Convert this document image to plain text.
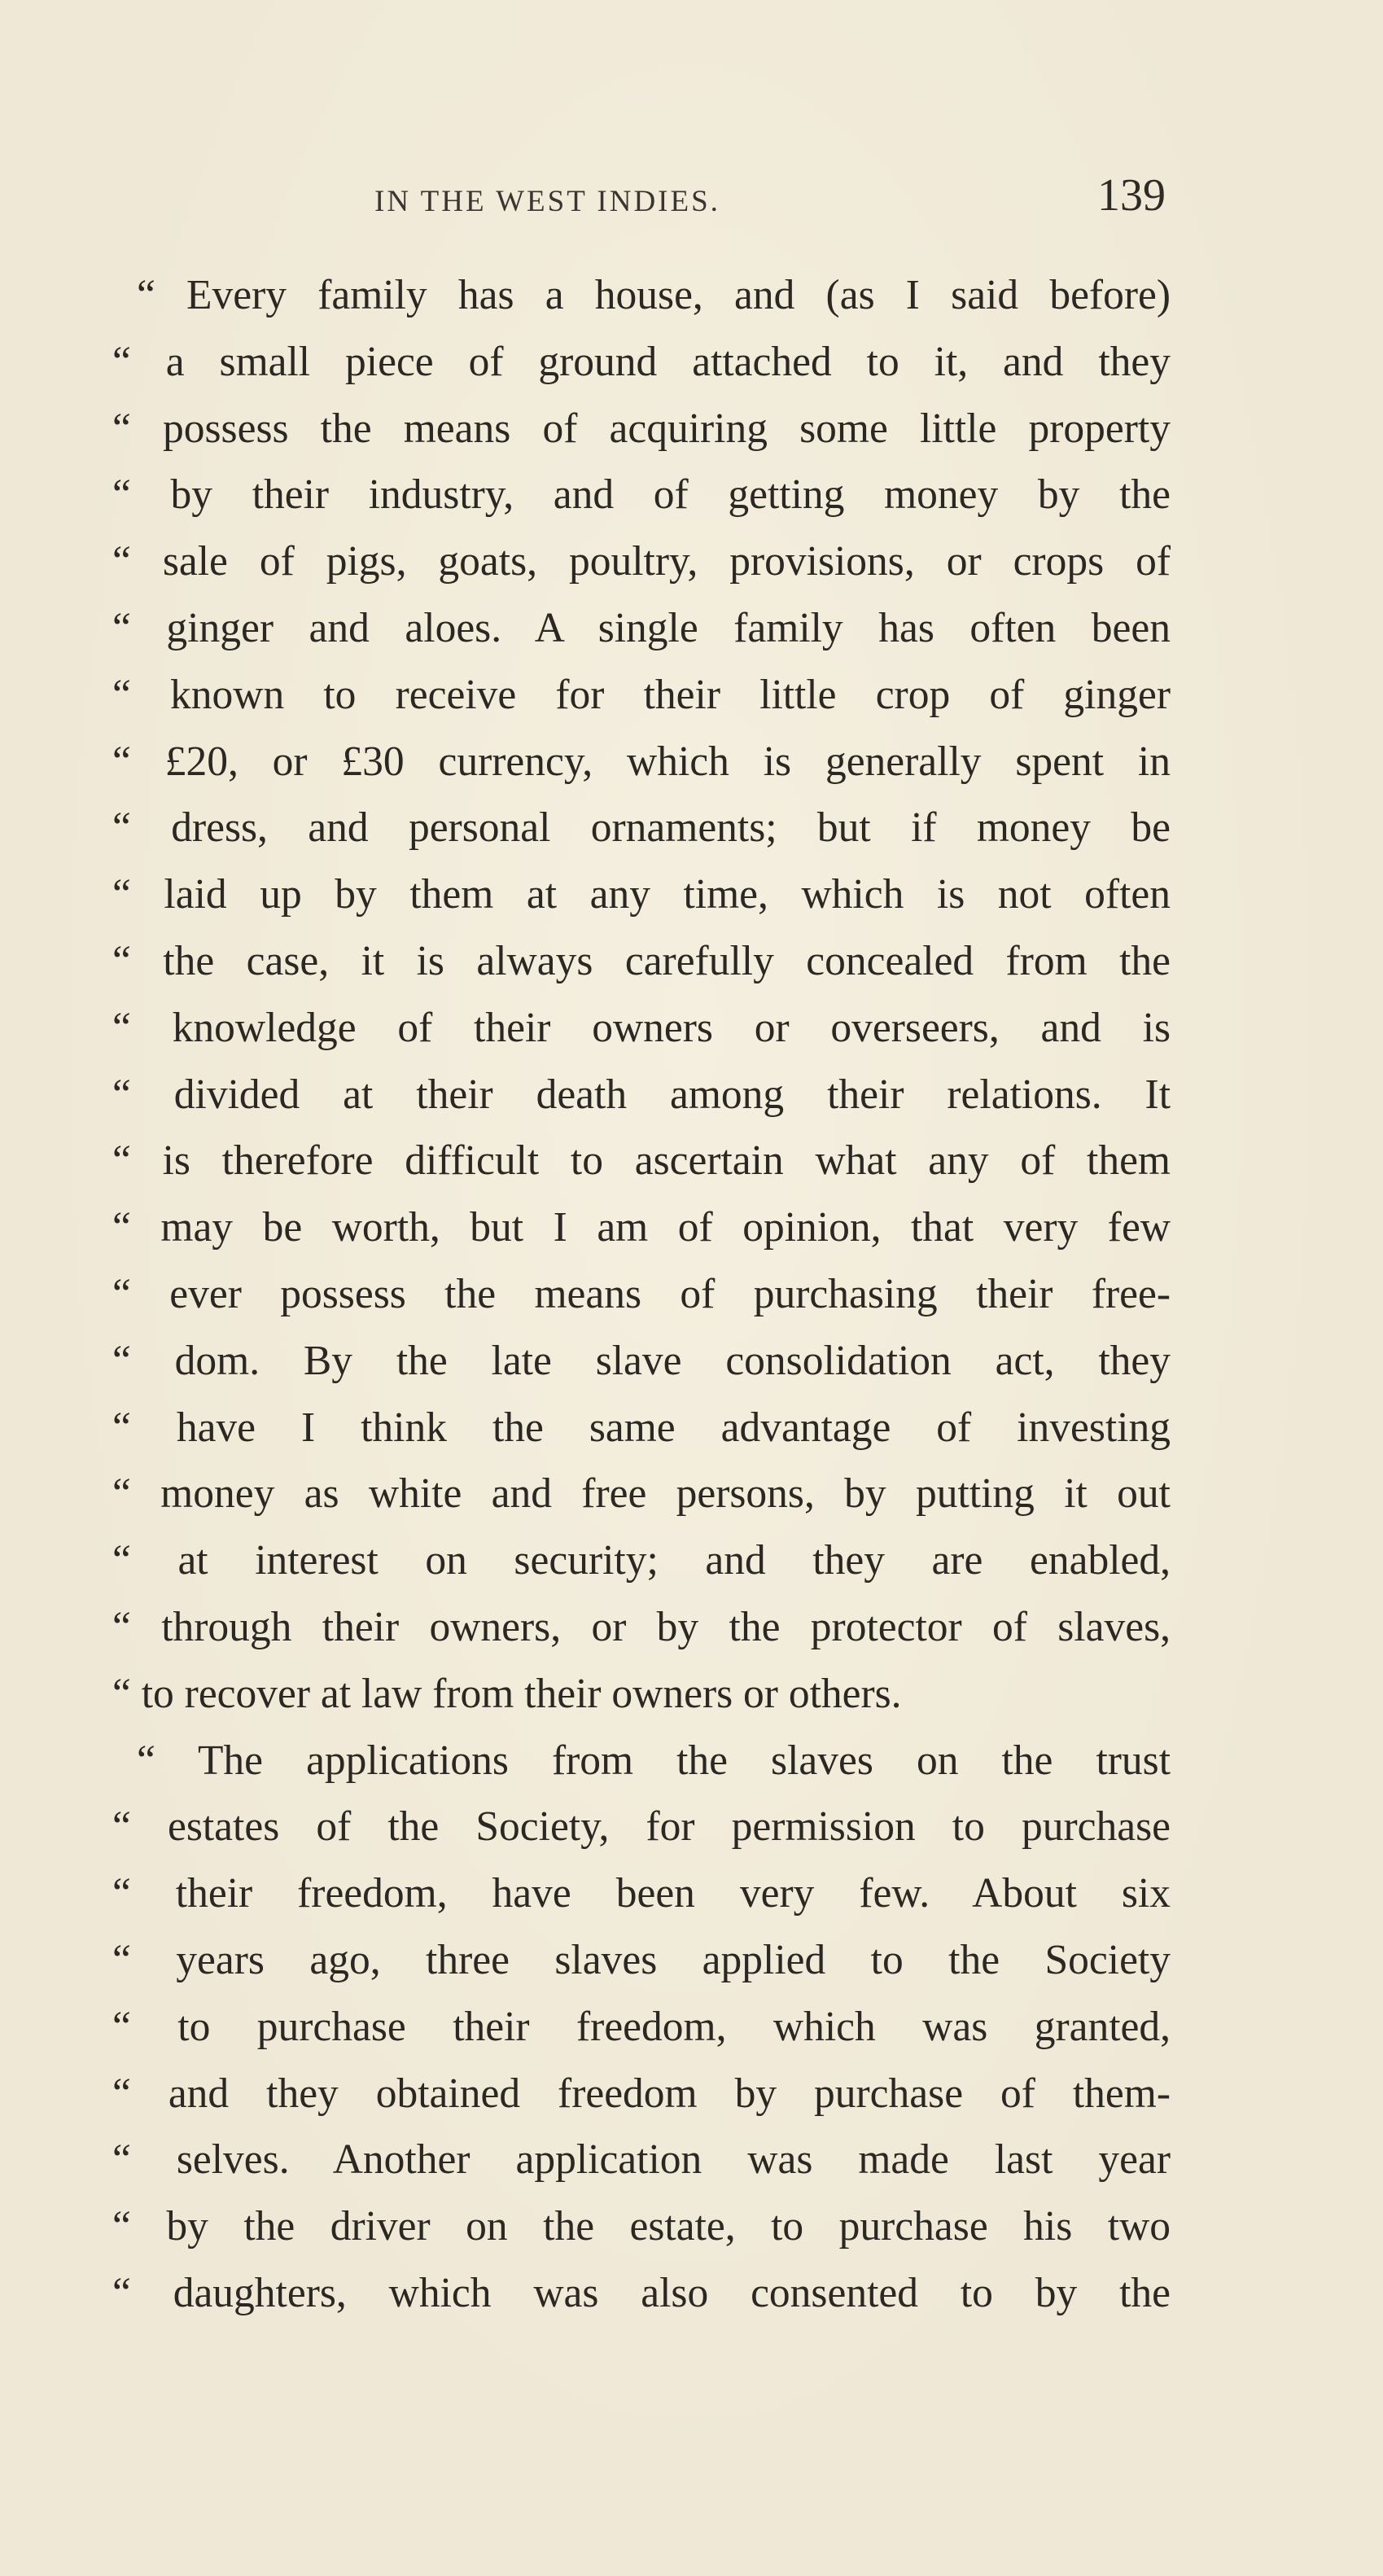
IN THE WEST INDIES.	139
“ Every family has a house, and (as I said before)
“ a small piece of ground attached to it, and they
“ possess the means of acquiring some little property
“ by their industry, and of getting money by the
“ sale of pigs, goats, poultry, provisions, or crops of
“ ginger and aloes. A single family has often been
“ known to receive for their little crop of ginger
“ £20, or £30 currency, which is generally spent in
“ dress, and personal ornaments; but if money be
“ laid up by them at any time, which is not often
“ the case, it is always carefully concealed from the
“ knowledge of their owners or overseers, and is
“ divided at their death among their relations. It
“ is therefore difficult to ascertain what any of them
“ may be worth, but I am of opinion, that very few
“ ever possess the means of purchasing their free-
“ dom. By the late slave consolidation act, they
“ have I think the same advantage of investing
“ money as white and free persons, by putting it out
“ at interest on security; and they are enabled,
“ through their owners, or by the protector of slaves,
“ to recover at law from their owners or others.
“ The applications from the slaves on the trust
“ estates of the Society, for permission to purchase
“ their freedom, have been very few. About six
“ years ago, three slaves applied to the Society
“ to purchase their freedom, which was granted,
“ and they obtained freedom by purchase of them-
“ selves. Another application was made last year
“ by the driver on the estate, to purchase his two
“ daughters, which was also consented to by the
